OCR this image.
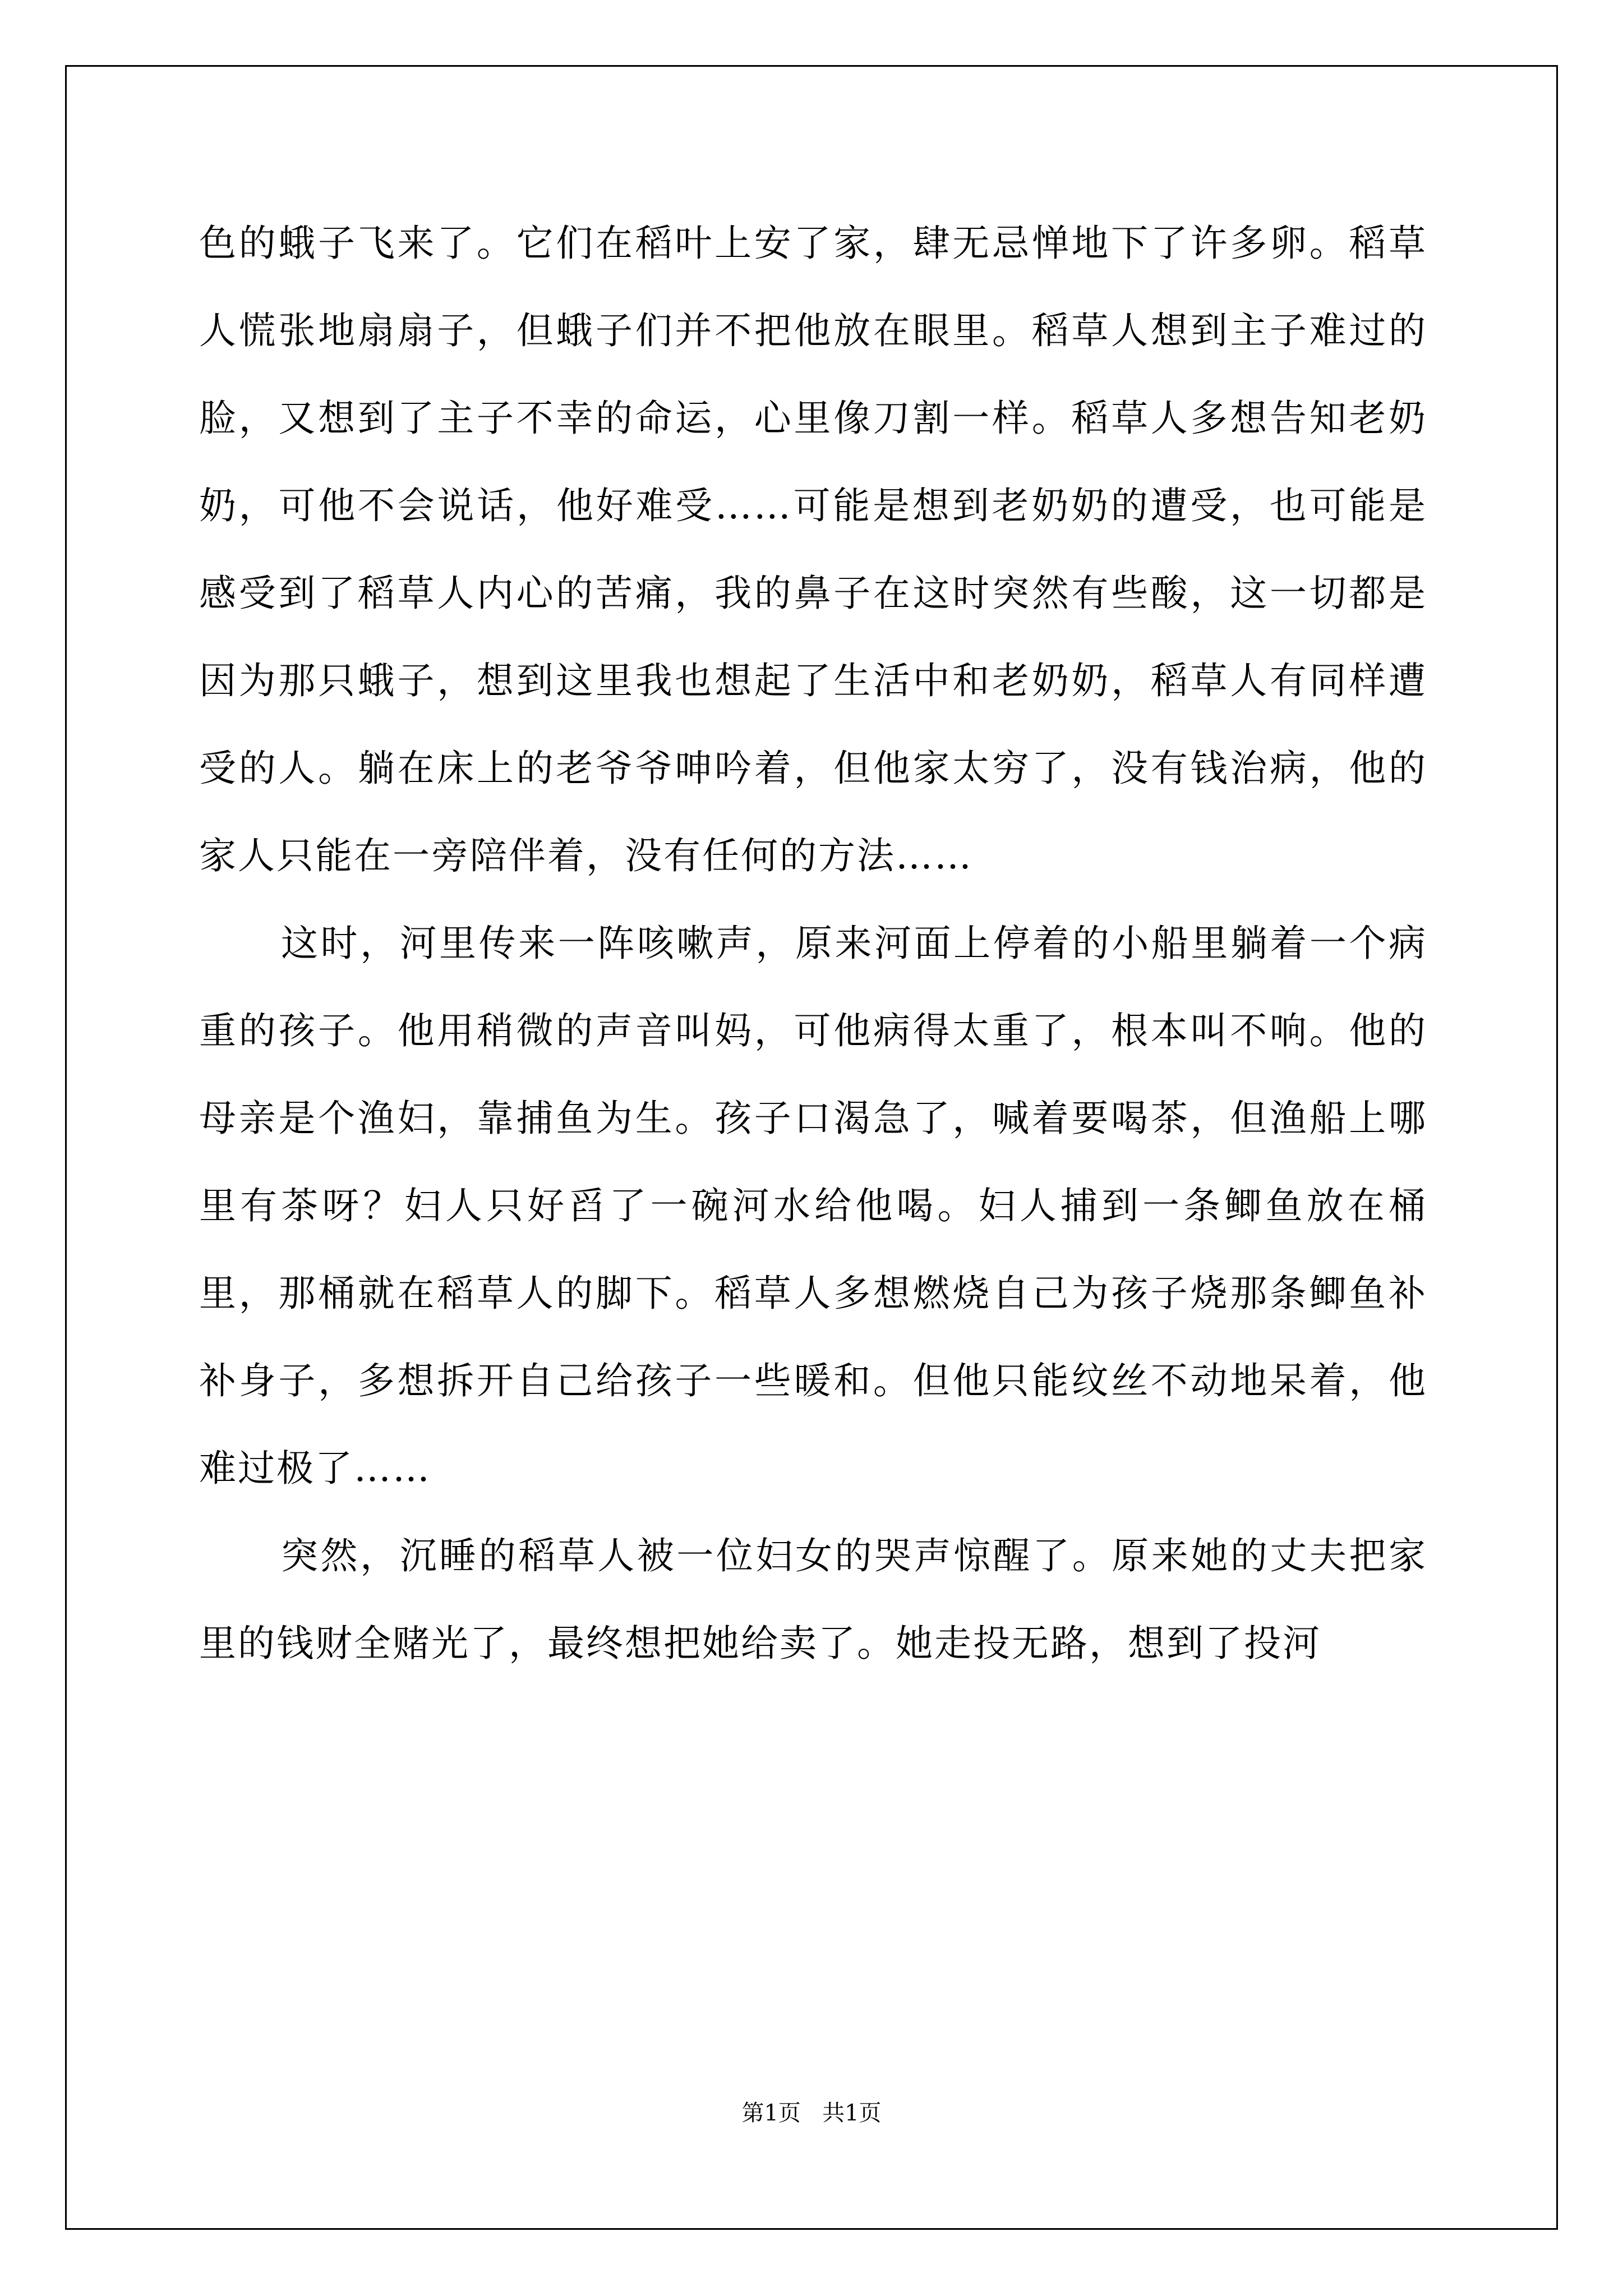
色的蛾子飞来了。它们在稻叶上安了家，肆无忌惮地下了许多卵。稻草人慌张地扇扇子，但蛾子们并不把他放在眼里。稻草人想到主子难过的脸，又想到了主子不幸的命运，心里像刀割一样。稻草人多想告知老奶奶，可他不会说话，他好难受……可能是想到老奶奶的遭受，也可能是感受到了稻草人内心的苦痛，我的鼻子在这时突然有些酸，这一切都是因为那只蛾子，想到这里我也想起了生活中和老奶奶，稻草人有同样遭受的人。躺在床上的老爷爷呻吟着，但他家太穷了，没有钱治病，他的家人只能在一旁陪伴着，没有任何的方法……

这时，河里传来一阵咳嗽声，原来河面上停着的小船里躺着一个病重的孩子。他用稍微的声音叫妈，可他病得太重了，根本叫不响。他的母亲是个渔妇，靠捕鱼为生。孩子口渴急了，喊着要喝茶，但渔船上哪里有茶呀？妇人只好舀了一碗河水给他喝。妇人捕到一条鲫鱼放在桶里，那桶就在稻草人的脚下。稻草人多想燃烧自己为孩子烧那条鲫鱼补补身子，多想拆开自己给孩子一些暖和。但他只能纹丝不动地呆着，他难过极了……

突然，沉睡的稻草人被一位妇女的哭声惊醒了。原来她的丈夫把家里的钱财全赌光了，最终想把她给卖了。她走投无路，想到了投河

第1页 共1页
